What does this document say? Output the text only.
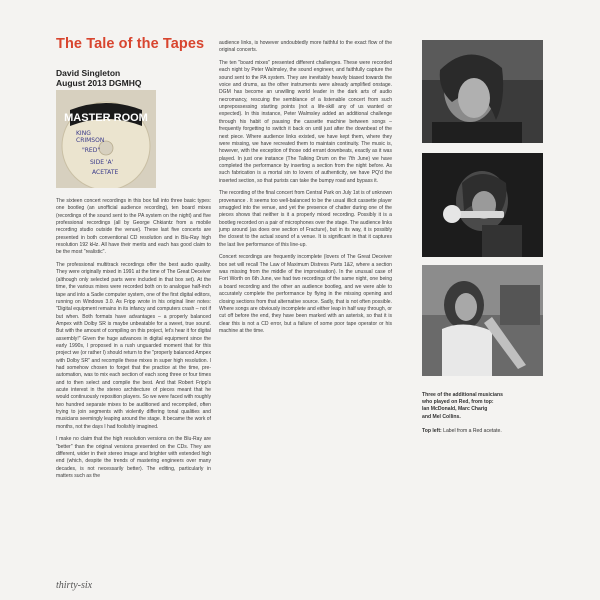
The Tale of the Tapes
David Singleton
August 2013 DGMHQ
MASTER ROOM
KING
CRIMSON
"RED"
SIDE 'A'
ACETATE

The sixteen concert recordings in this box fall into three basic types: one bootleg (an unofficial audience recording), ten board mixes (recordings of the sound sent to the PA system on the night) and five professional recordings (all by George Chkiantz from a mobile recording studio outside the venue). These last five concerts are presented in both conventional CD resolution and in Blu-Ray high resolution 192 kHz. All have their merits and each has good claim to be the most "realistic".

The professional multitrack recordings offer the best audio quality. They were originally mixed in 1991 at the time of The Great Deceiver (although only selected parts were included in that box set). At the time, the various mixes were recorded both on to analogue half-inch tape and into a Sadie computer system, one of the first digital editors, running on Windows 3.0. As Fripp wrote in his original liner notes: "Digital equipment remains in its infancy and computers crash – not if but when. Both formats have advantages – a properly balanced Ampex with Dolby SR is maybe unbeatable for a sweet, true sound. But with the amount of compiling on this project, let's hear it for digital assembly!" Given the huge advances in digital equipment since the early 1990s, I proposed in a rush unguarded moment that for this project we (or rather I) should return to the "properly balanced Ampex with Dolby SR" and recompile these mixes in super high resolution. I had somehow chosen to forget that the practice at the time, pre-automation, was to mix each section of each song three or four times and to then select and compile the best. And that Robert Fripp's acute interest in the stereo architecture of pieces meant that he would continuously reposition players. So we were faced with roughly two hundred separate mixes to be auditioned and recompiled, often trying to join segments with violently differing tonal qualities and musicians seemingly leaping around the stage. It became the work of months, not the days I had foolishly imagined.

I make no claim that the high resolution versions on the Blu-Ray are "better" than the original versions presented on the CDs. They are different, wider in their stereo image and brighter with extended high end (which, despite the trends of mastering engineers over many decades, is not necessarily better). The editing, particularly in matters such as the

audience links, is however undoubtedly more faithful to the exact flow of the original concerts.

The ten "board mixes" presented different challenges. These were recorded each night by Peter Walmsley, the sound engineer, and faithfully capture the sound sent to the PA system. They are inevitably heavily biased towards the voice and drums, as the other instruments were already amplified onstage. DGM has become an unwilling world leader in the dark arts of audio necromancy, rescuing the semblance of a listenable concert from such unprepossessing starting points (not a life-skill any of us wanted or expected). In this instance, Peter Walmsley added an additional challenge through his habit of pausing the cassette machine between songs – frequently forgetting to switch it back on until just after the downbeat of the next piece. Where audience links existed, we have kept them, where they were missing, we have recreated them to maintain continuity. The music is, however, with the exception of those odd errant downbeats, exactly as it was played. In just one instance (The Talking Drum on the 7th June) we have completed the performance by inserting a section from the night before. As such fabrication is a mortal sin to lovers of authenticity, we have PQ'd the inserted section, so that purists can take the bumpy road and bypass it.

The recording of the final concert from Central Park on July 1st is of unknown provenance . It seems too well-balanced to be the usual illicit cassette player smuggled into the venue, and yet the presence of chatter during one of the pieces shows that neither is it a properly mixed recording. Possibly it is a bootleg recorded on a pair of microphones over the stage. The audience links jump around (as does one section of Fracture), but in its way, it is possibly the closest to the actual sound of a venue. It is significant in that it captures the last live performance of this line-up.

Concert recordings are frequently incomplete (lovers of The Great Deceiver box set will recall The Law of Maximum Distress Parts 1&2, where a section was missing from the middle of the improvisation). In the unusual case of Fort Worth on 6th June, we had two recordings of the same night, one being a board recording and the other an audience bootleg, and we were able to accurately complete the performance by flying in the missing opening and closing sections from that alternative source. Sadly, that is not often possible. Where songs are obviously incomplete and either leap in half way through, or cut off before the end, they have been marked with an asterisk, so that it is clear this is not a CD error, but a failure of some poor tape operator or his machine at the time.

Three of the additional musicians
who played on Red, from top:
Ian McDonald, Marc Charig
and Mel Collins.
Top left: Label from a Red acetate.
thirty-six
